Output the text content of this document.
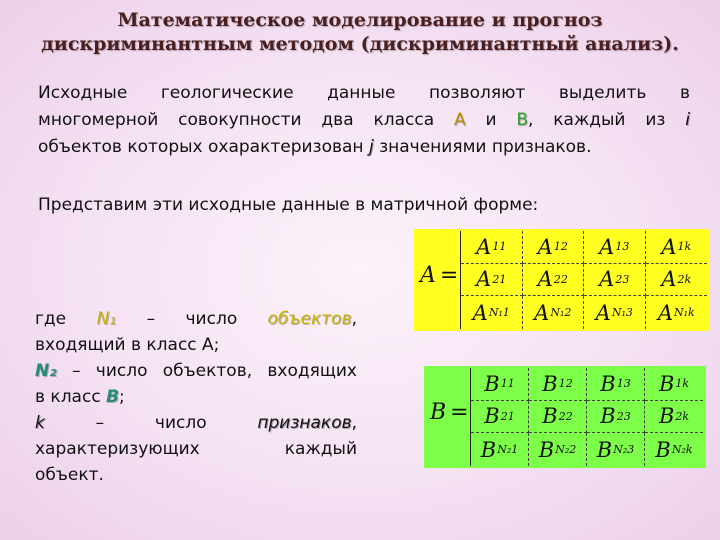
Математическое моделирование и прогноз
дискриминантным методом (дискриминантный анализ).
Исходные геологические данные позволяют выделить в
многомерной совокупности два класса А и В, каждый из i
объектов которых охарактеризован j значениями признаков.
Представим эти исходные данные в матричной форме:
где N₁ – число объектов,
входящий в класс А;
N₂ – число объектов, входящих
в класс В;
k	– число	признаков,
характеризующих каждый
объект.
A =
A 11 A 12 A 13 A 1k
A 21 A 22 A 23 A 2k
A N₁1 A N₁2 A N₁3 A N₁k
B =
B 11 B 12 B 13 B 1k
B 21 B 22 B 23 B 2k
B N₂1 B N₂2 B N₂3 B N₂k
